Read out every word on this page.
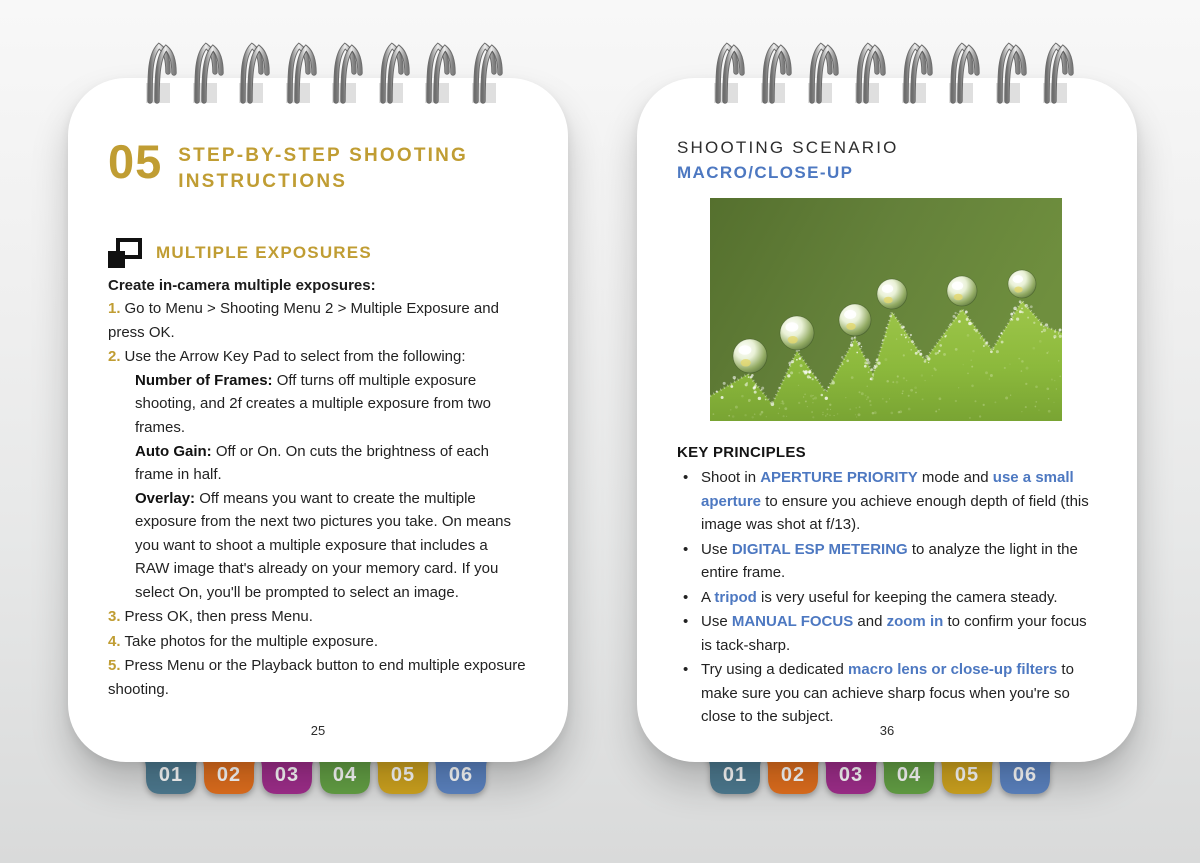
01 02 03 04 05 06	01 02 03 04 05 06
05 STEP-BY-STEP SHOOTING INSTRUCTIONS
MULTIPLE EXPOSURES

Create in-camera multiple exposures:

1. Go to Menu > Shooting Menu 2 > Multiple Exposure and press OK.

2. Use the Arrow Key Pad to select from the following:

Number of Frames: Off turns off multiple exposure shooting, and 2f creates a multiple exposure from two frames.

Auto Gain: Off or On. On cuts the brightness of each frame in half.

Overlay: Off means you want to create the multiple exposure from the next two pictures you take. On means you want to shoot a multiple exposure that includes a RAW image that's already on your memory card. If you select On, you'll be prompted to select an image.

3. Press OK, then press Menu.

4. Take photos for the multiple exposure.

5. Press Menu or the Playback button to end multiple exposure shooting.

25
SHOOTING SCENARIO
MACRO/CLOSE-UP
KEY PRINCIPLES
• Shoot in APERTURE PRIORITY mode and use a small aperture to ensure you achieve enough depth of field (this image was shot at f/13).
• Use DIGITAL ESP METERING to analyze the light in the entire frame.
• A tripod is very useful for keeping the camera steady.
• Use MANUAL FOCUS and zoom in to confirm your focus is tack-sharp.
• Try using a dedicated macro lens or close-up filters to make sure you can achieve sharp focus when you're so close to the subject.
36
